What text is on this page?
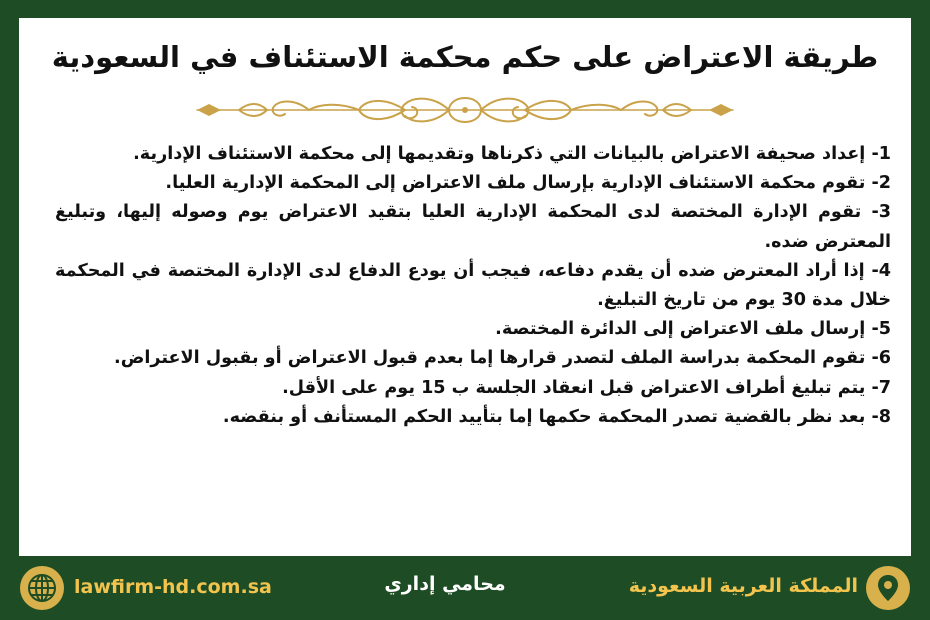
طريقة الاعتراض على حكم محكمة الاستئناف في السعودية

1- إعداد صحيفة الاعتراض بالبيانات التي ذكرناها وتقديمها إلى محكمة الاستئناف الإدارية.

2- تقوم محكمة الاستئناف الإدارية بإرسال ملف الاعتراض إلى المحكمة الإدارية العليا.

3- تقوم الإدارة المختصة لدى المحكمة الإدارية العليا بتقيد الاعتراض يوم وصوله إليها، وتبليغ المعترض ضده.

4- إذا أراد المعترض ضده أن يقدم دفاعه، فيجب أن يودع الدفاع لدى الإدارة المختصة في المحكمة خلال مدة 30 يوم من تاريخ التبليغ.

5- إرسال ملف الاعتراض إلى الدائرة المختصة.

6- تقوم المحكمة بدراسة الملف لتصدر قرارها إما بعدم قبول الاعتراض أو بقبول الاعتراض.

7- يتم تبليغ أطراف الاعتراض قبل انعقاد الجلسة ب 15 يوم على الأقل.

8- بعد نظر بالقضية تصدر المحكمة حكمها إما بتأييد الحكم المستأنف أو بنقضه.

lawfirm-hd.com.sa	محامي إداري	المملكة العربية السعودية
